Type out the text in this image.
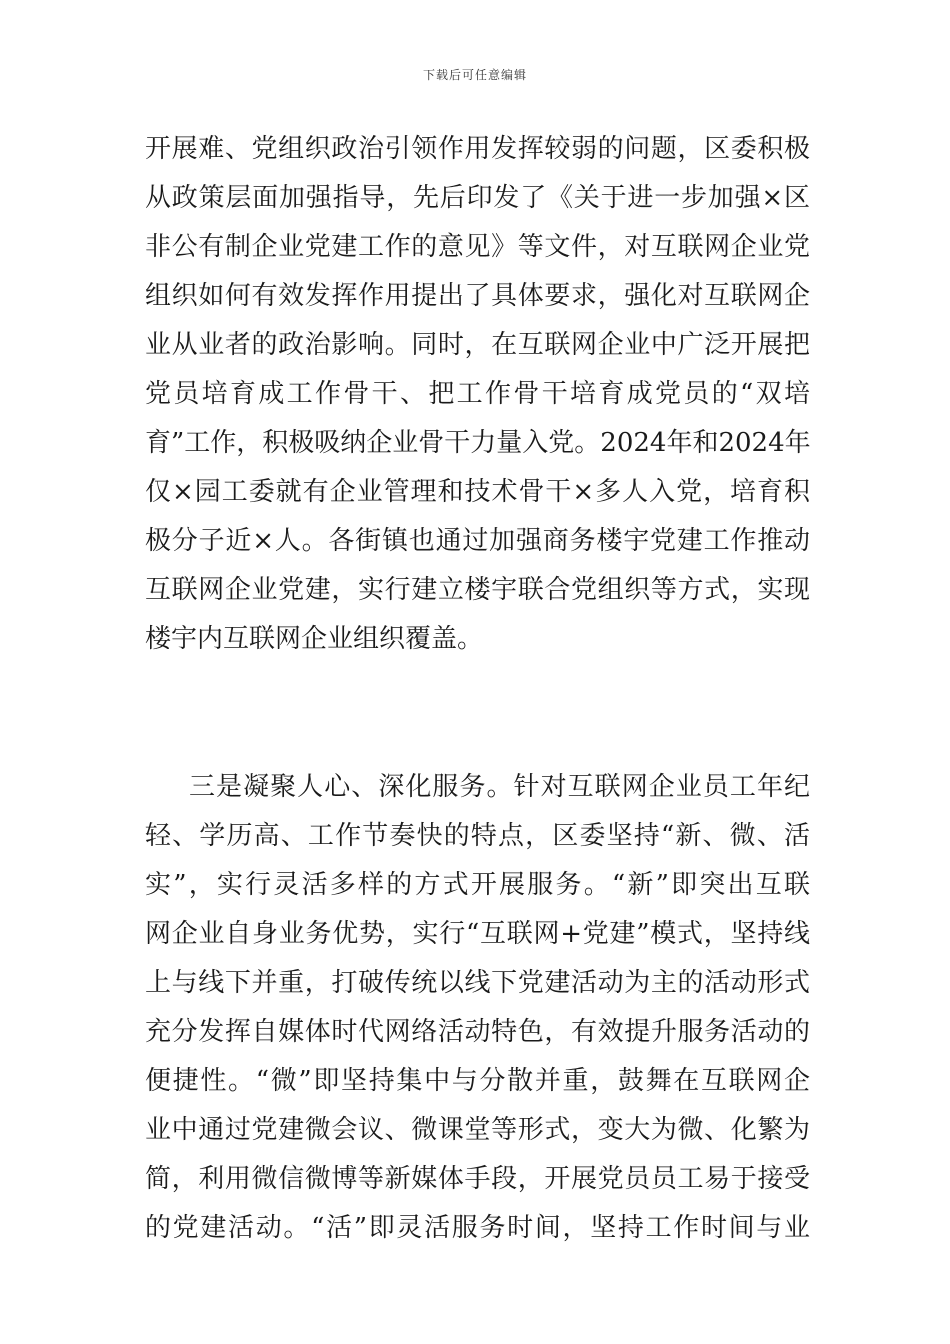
下载后可任意编辑
开展难、党组织政治引领作用发挥较弱的问题，区委积极
从政策层面加强指导，先后印发了《关于进一步加强×区
非公有制企业党建工作的意见》等文件，对互联网企业党
组织如何有效发挥作用提出了具体要求，强化对互联网企
业从业者的政治影响。同时，在互联网企业中广泛开展把
党员培育成工作骨干、把工作骨干培育成党员的“双培
育”工作，积极吸纳企业骨干力量入党。2024年和2024年
仅×园工委就有企业管理和技术骨干×多人入党，培育积
极分子近×人。各街镇也通过加强商务楼宇党建工作推动
互联网企业党建，实行建立楼宇联合党组织等方式，实现
楼宇内互联网企业组织覆盖。
三是凝聚人心、深化服务。针对互联网企业员工年纪
轻、学历高、工作节奏快的特点，区委坚持“新、微、活
实”，实行灵活多样的方式开展服务。“新”即突出互联
网企业自身业务优势，实行“互联网+党建”模式，坚持线
上与线下并重，打破传统以线下党建活动为主的活动形式
充分发挥自媒体时代网络活动特色，有效提升服务活动的
便捷性。“微”即坚持集中与分散并重，鼓舞在互联网企
业中通过党建微会议、微课堂等形式，变大为微、化繁为
简，利用微信微博等新媒体手段，开展党员员工易于接受
的党建活动。“活”即灵活服务时间，坚持工作时间与业
